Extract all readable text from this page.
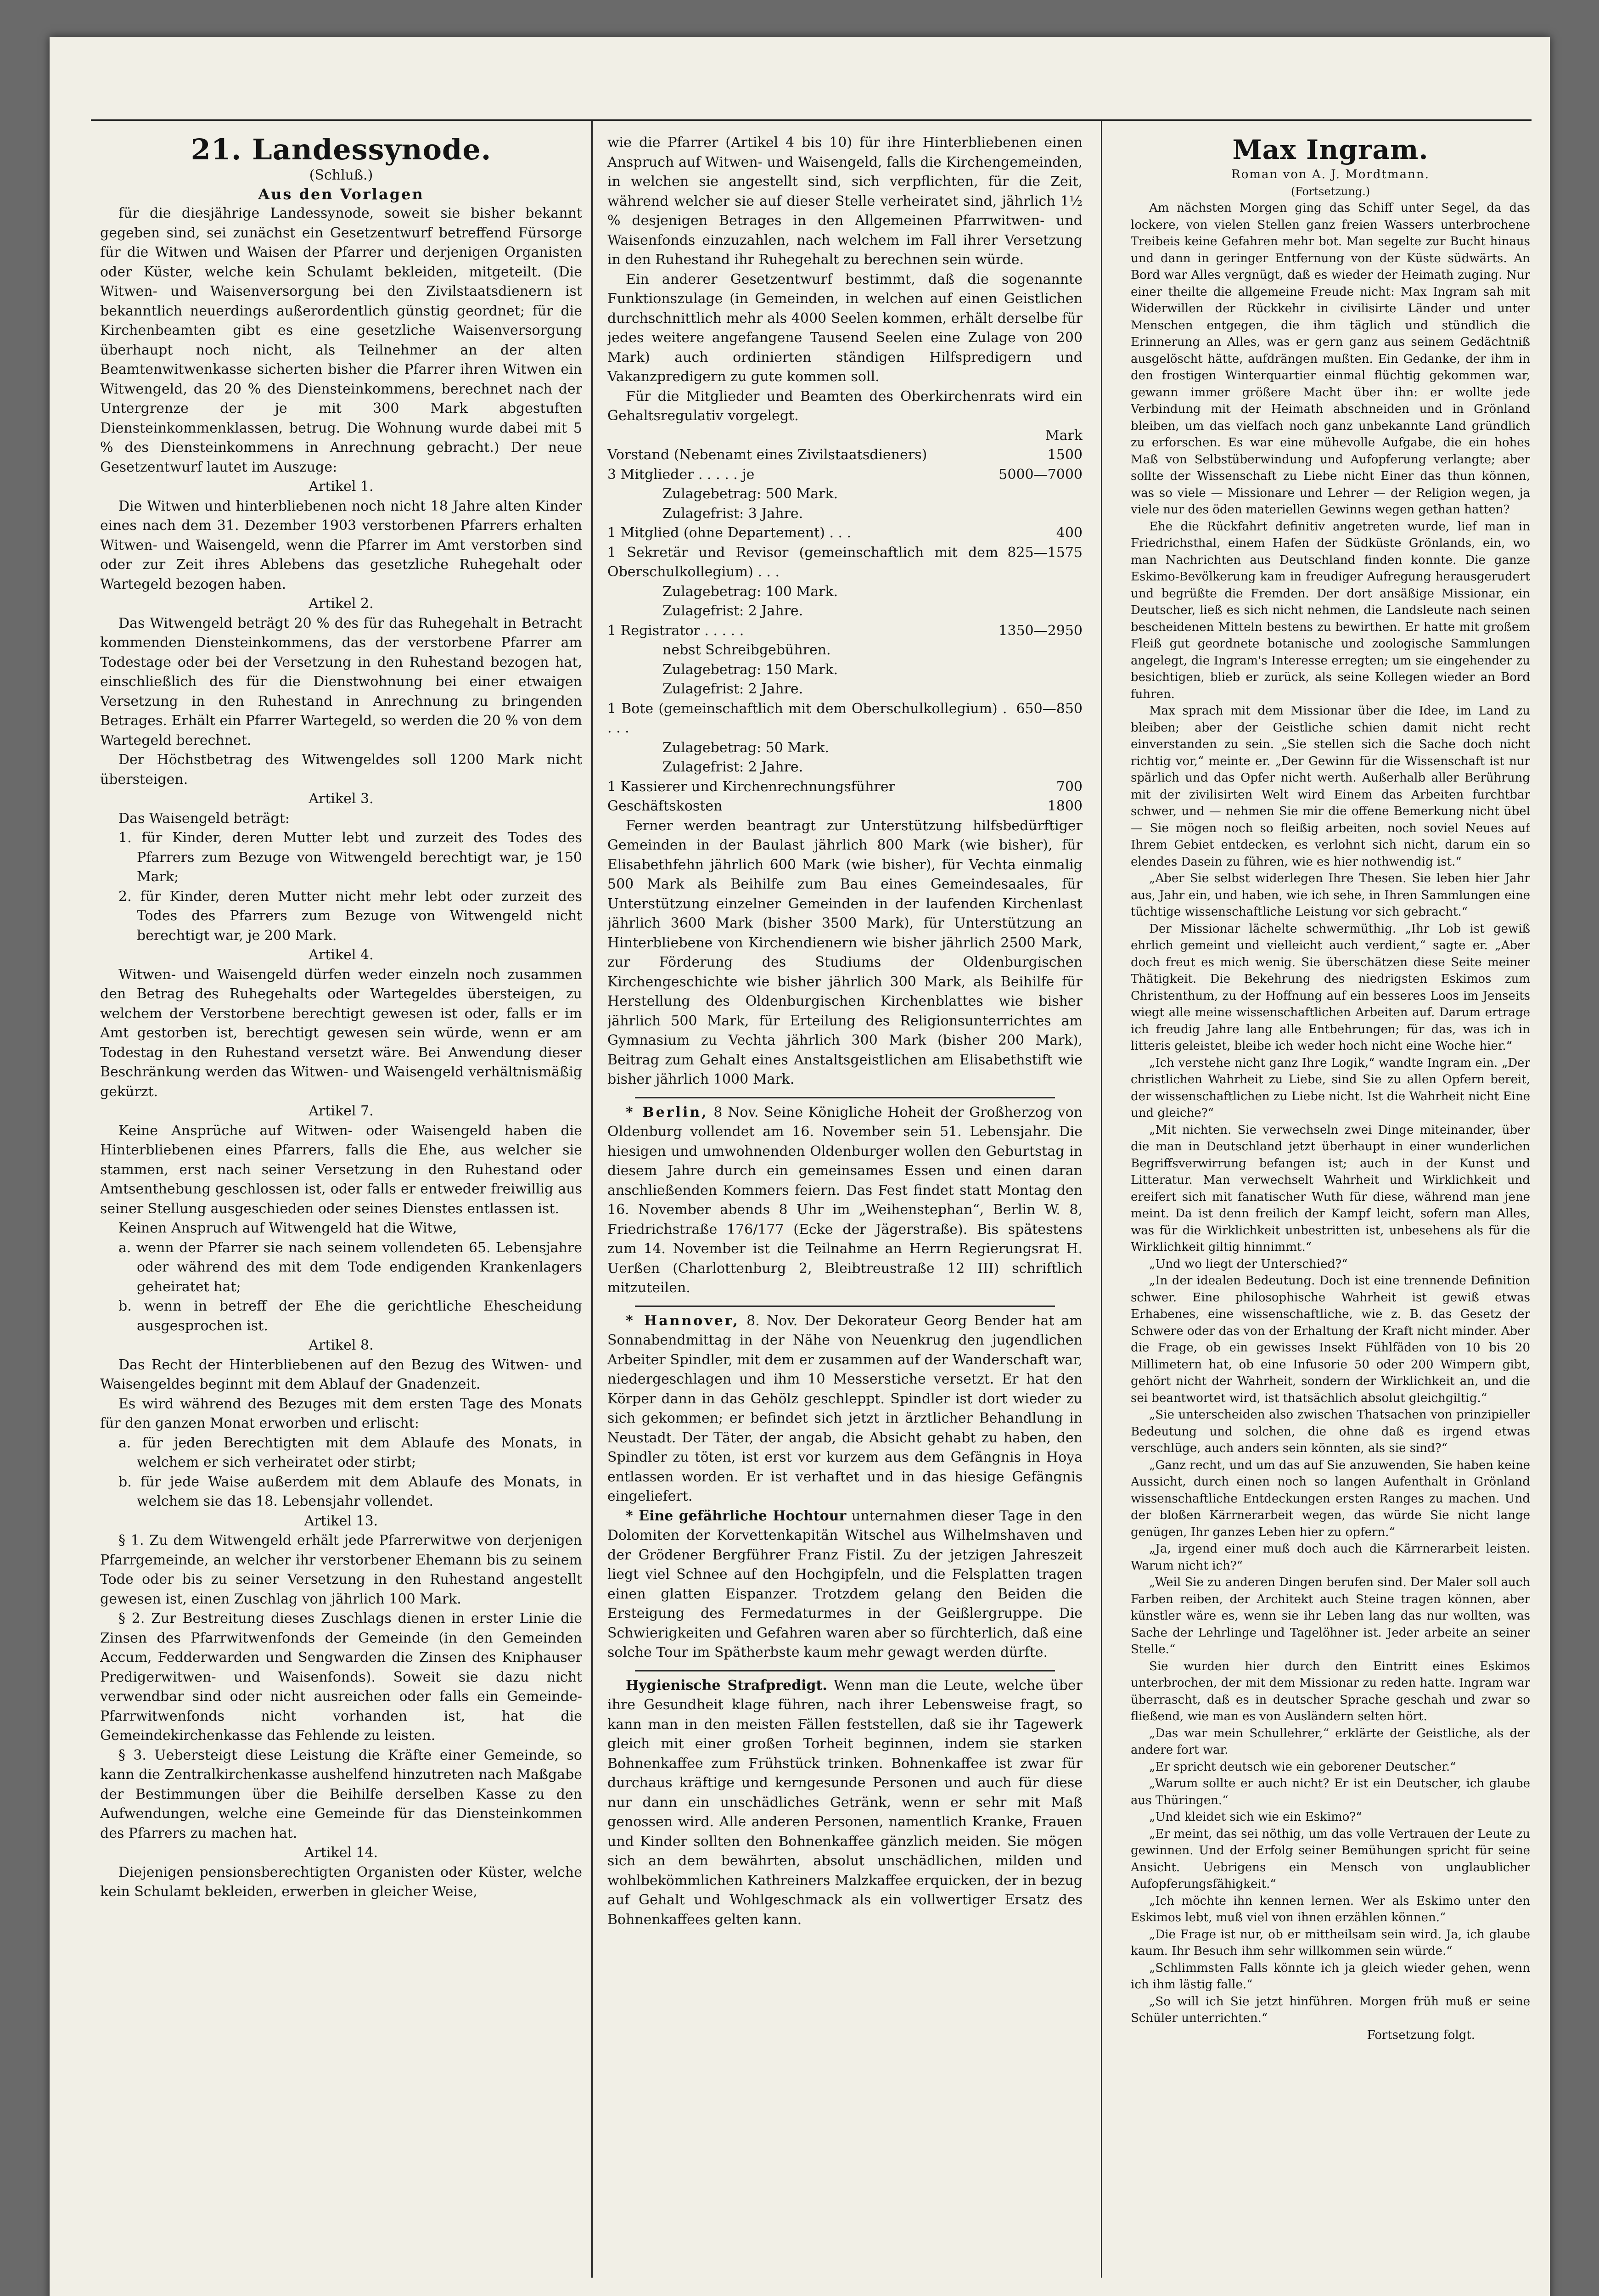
21. Landessynode.

(Schluß.)

Aus den Vorlagen

für die diesjährige Landessynode, soweit sie bisher bekannt gegeben sind, sei zunächst ein Gesetzentwurf betreffend Fürsorge für die Witwen und Waisen der Pfarrer und derjenigen Organisten oder Küster, welche kein Schulamt bekleiden, mitgeteilt. (Die Witwen- und Waisenversorgung bei den Zivilstaatsdienern ist bekanntlich neuerdings außerordentlich günstig geordnet; für die Kirchenbeamten gibt es eine gesetzliche Waisenversorgung überhaupt noch nicht, als Teilnehmer an der alten Beamtenwitwenkasse sicherten bisher die Pfarrer ihren Witwen ein Witwengeld, das 20 % des Diensteinkommens, berechnet nach der Untergrenze der je mit 300 Mark abgestuften Diensteinkommenklassen, betrug. Die Wohnung wurde dabei mit 5 % des Diensteinkommens in Anrechnung gebracht.) Der neue Gesetzentwurf lautet im Auszuge:

Artikel 1.

Die Witwen und hinterbliebenen noch nicht 18 Jahre alten Kinder eines nach dem 31. Dezember 1903 verstorbenen Pfarrers erhalten Witwen- und Waisengeld, wenn die Pfarrer im Amt verstorben sind oder zur Zeit ihres Ablebens das gesetzliche Ruhegehalt oder Wartegeld bezogen haben.

Artikel 2.

Das Witwengeld beträgt 20 % des für das Ruhegehalt in Betracht kommenden Diensteinkommens, das der verstorbene Pfarrer am Todestage oder bei der Versetzung in den Ruhestand bezogen hat, einschließlich des für die Dienstwohnung bei einer etwaigen Versetzung in den Ruhestand in Anrechnung zu bringenden Betrages. Erhält ein Pfarrer Wartegeld, so werden die 20 % von dem Wartegeld berechnet.

Der Höchstbetrag des Witwengeldes soll 1200 Mark nicht übersteigen.

Artikel 3.

Das Waisengeld beträgt:

1. für Kinder, deren Mutter lebt und zurzeit des Todes des Pfarrers zum Bezuge von Witwengeld berechtigt war, je 150 Mark;

2. für Kinder, deren Mutter nicht mehr lebt oder zurzeit des Todes des Pfarrers zum Bezuge von Witwengeld nicht berechtigt war, je 200 Mark.

Artikel 4.

Witwen- und Waisengeld dürfen weder einzeln noch zusammen den Betrag des Ruhegehalts oder Wartegeldes übersteigen, zu welchem der Verstorbene berechtigt gewesen ist oder, falls er im Amt gestorben ist, berechtigt gewesen sein würde, wenn er am Todestag in den Ruhestand versetzt wäre. Bei Anwendung dieser Beschränkung werden das Witwen- und Waisengeld verhältnismäßig gekürzt.

Artikel 7.

Keine Ansprüche auf Witwen- oder Waisengeld haben die Hinterbliebenen eines Pfarrers, falls die Ehe, aus welcher sie stammen, erst nach seiner Versetzung in den Ruhestand oder Amtsenthebung geschlossen ist, oder falls er entweder freiwillig aus seiner Stellung ausgeschieden oder seines Dienstes entlassen ist.

Keinen Anspruch auf Witwengeld hat die Witwe,

a. wenn der Pfarrer sie nach seinem vollendeten 65. Lebensjahre oder während des mit dem Tode endigenden Krankenlagers geheiratet hat;

b. wenn in betreff der Ehe die gerichtliche Ehescheidung ausgesprochen ist.

Artikel 8.

Das Recht der Hinterbliebenen auf den Bezug des Witwen- und Waisengeldes beginnt mit dem Ablauf der Gnadenzeit.

Es wird während des Bezuges mit dem ersten Tage des Monats für den ganzen Monat erworben und erlischt:

a. für jeden Berechtigten mit dem Ablaufe des Monats, in welchem er sich verheiratet oder stirbt;

b. für jede Waise außerdem mit dem Ablaufe des Monats, in welchem sie das 18. Lebensjahr vollendet.

Artikel 13.

§ 1. Zu dem Witwengeld erhält jede Pfarrerwitwe von derjenigen Pfarrgemeinde, an welcher ihr verstorbener Ehemann bis zu seinem Tode oder bis zu seiner Versetzung in den Ruhestand angestellt gewesen ist, einen Zuschlag von jährlich 100 Mark.

§ 2. Zur Bestreitung dieses Zuschlags dienen in erster Linie die Zinsen des Pfarrwitwenfonds der Gemeinde (in den Gemeinden Accum, Fedderwarden und Sengwarden die Zinsen des Kniphauser Predigerwitwen- und Waisenfonds). Soweit sie dazu nicht verwendbar sind oder nicht ausreichen oder falls ein Gemeinde-Pfarrwitwenfonds nicht vorhanden ist, hat die Gemeindekirchenkasse das Fehlende zu leisten.

§ 3. Uebersteigt diese Leistung die Kräfte einer Gemeinde, so kann die Zentralkirchenkasse aushelfend hinzutreten nach Maßgabe der Bestimmungen über die Beihilfe derselben Kasse zu den Aufwendungen, welche eine Gemeinde für das Diensteinkommen des Pfarrers zu machen hat.

Artikel 14.

Diejenigen pensionsberechtigten Organisten oder Küster, welche kein Schulamt bekleiden, erwerben in gleicher Weise,

wie die Pfarrer (Artikel 4 bis 10) für ihre Hinterbliebenen einen Anspruch auf Witwen- und Waisengeld, falls die Kirchengemeinden, in welchen sie angestellt sind, sich verpflichten, für die Zeit, während welcher sie auf dieser Stelle verheiratet sind, jährlich 1½ % desjenigen Betrages in den Allgemeinen Pfarrwitwen- und Waisenfonds einzuzahlen, nach welchem im Fall ihrer Versetzung in den Ruhestand ihr Ruhegehalt zu berechnen sein würde.

Ein anderer Gesetzentwurf bestimmt, daß die sogenannte Funktionszulage (in Gemeinden, in welchen auf einen Geistlichen durchschnittlich mehr als 4000 Seelen kommen, erhält derselbe für jedes weitere angefangene Tausend Seelen eine Zulage von 200 Mark) auch ordinierten ständigen Hilfspredigern und Vakanzpredigern zu gute kommen soll.

Für die Mitglieder und Beamten des Oberkirchenrats wird ein Gehaltsregulativ vorgelegt.

Mark

Vorstand (Nebenamt eines Zivilstaatsdieners)	1500
3 Mitglieder . . . . . je	5000—7000
Zulagebetrag: 500 Mark.
Zulagefrist: 3 Jahre.
1 Mitglied (ohne Departement) . . .	400
1 Sekretär und Revisor (gemeinschaftlich mit dem Oberschulkollegium) . . .
825—1575
Zulagebetrag: 100 Mark.
Zulagefrist: 2 Jahre.
1 Registrator . . . . .	1350—2950
nebst Schreibgebühren.
Zulagebetrag: 150 Mark.
Zulagefrist: 2 Jahre.
1 Bote (gemeinschaftlich mit dem Oberschulkollegium) . . . .
650—850
Zulagebetrag: 50 Mark.
Zulagefrist: 2 Jahre.
1 Kassierer und Kirchenrechnungsführer	700
Geschäftskosten	1800

Ferner werden beantragt zur Unterstützung hilfsbedürftiger Gemeinden in der Baulast jährlich 800 Mark (wie bisher), für Elisabethfehn jährlich 600 Mark (wie bisher), für Vechta einmalig 500 Mark als Beihilfe zum Bau eines Gemeindesaales, für Unterstützung einzelner Gemeinden in der laufenden Kirchenlast jährlich 3600 Mark (bisher 3500 Mark), für Unterstützung an Hinterbliebene von Kirchendienern wie bisher jährlich 2500 Mark, zur Förderung des Studiums der Oldenburgischen Kirchengeschichte wie bisher jährlich 300 Mark, als Beihilfe für Herstellung des Oldenburgischen Kirchenblattes wie bisher jährlich 500 Mark, für Erteilung des Religionsunterrichtes am Gymnasium zu Vechta jährlich 300 Mark (bisher 200 Mark), Beitrag zum Gehalt eines Anstaltsgeistlichen am Elisabethstift wie bisher jährlich 1000 Mark.

* Berlin, 8 Nov. Seine Königliche Hoheit der Großherzog von Oldenburg vollendet am 16. November sein 51. Lebensjahr. Die hiesigen und umwohnenden Oldenburger wollen den Geburtstag in diesem Jahre durch ein gemeinsames Essen und einen daran anschließenden Kommers feiern. Das Fest findet statt Montag den 16. November abends 8 Uhr im „Weihenstephan“, Berlin W. 8, Friedrichstraße 176/177 (Ecke der Jägerstraße). Bis spätestens zum 14. November ist die Teilnahme an Herrn Regierungsrat H. Uerßen (Charlottenburg 2, Bleibtreustraße 12 III) schriftlich mitzuteilen.

* Hannover, 8. Nov. Der Dekorateur Georg Bender hat am Sonnabendmittag in der Nähe von Neuenkrug den jugendlichen Arbeiter Spindler, mit dem er zusammen auf der Wanderschaft war, niedergeschlagen und ihm 10 Messerstiche versetzt. Er hat den Körper dann in das Gehölz geschleppt. Spindler ist dort wieder zu sich gekommen; er befindet sich jetzt in ärztlicher Behandlung in Neustadt. Der Täter, der angab, die Absicht gehabt zu haben, den Spindler zu töten, ist erst vor kurzem aus dem Gefängnis in Hoya entlassen worden. Er ist verhaftet und in das hiesige Gefängnis eingeliefert.

* Eine gefährliche Hochtour unternahmen dieser Tage in den Dolomiten der Korvettenkapitän Witschel aus Wilhelmshaven und der Grödener Bergführer Franz Fistil. Zu der jetzigen Jahreszeit liegt viel Schnee auf den Hochgipfeln, und die Felsplatten tragen einen glatten Eispanzer. Trotzdem gelang den Beiden die Ersteigung des Fermedaturmes in der Geißlergruppe. Die Schwierigkeiten und Gefahren waren aber so fürchterlich, daß eine solche Tour im Spätherbste kaum mehr gewagt werden dürfte.

Hygienische Strafpredigt. Wenn man die Leute, welche über ihre Gesundheit klage führen, nach ihrer Lebensweise fragt, so kann man in den meisten Fällen feststellen, daß sie ihr Tagewerk gleich mit einer großen Torheit beginnen, indem sie starken Bohnenkaffee zum Frühstück trinken. Bohnenkaffee ist zwar für durchaus kräftige und kerngesunde Personen und auch für diese nur dann ein unschädliches Getränk, wenn er sehr mit Maß genossen wird. Alle anderen Personen, namentlich Kranke, Frauen und Kinder sollten den Bohnenkaffee gänzlich meiden. Sie mögen sich an dem bewährten, absolut unschädlichen, milden und wohlbekömmlichen Kathreiners Malzkaffee erquicken, der in bezug auf Gehalt und Wohlgeschmack als ein vollwertiger Ersatz des Bohnenkaffees gelten kann.

Max Ingram.

Roman von A. J. Mordtmann.

(Fortsetzung.)

Am nächsten Morgen ging das Schiff unter Segel, da das lockere, von vielen Stellen ganz freien Wassers unterbrochene Treibeis keine Gefahren mehr bot. Man segelte zur Bucht hinaus und dann in geringer Entfernung von der Küste südwärts. An Bord war Alles vergnügt, daß es wieder der Heimath zuging. Nur einer theilte die allgemeine Freude nicht: Max Ingram sah mit Widerwillen der Rückkehr in civilisirte Länder und unter Menschen entgegen, die ihm täglich und stündlich die Erinnerung an Alles, was er gern ganz aus seinem Gedächtniß ausgelöscht hätte, aufdrängen mußten. Ein Gedanke, der ihm in den frostigen Winterquartier einmal flüchtig gekommen war, gewann immer größere Macht über ihn: er wollte jede Verbindung mit der Heimath abschneiden und in Grönland bleiben, um das vielfach noch ganz unbekannte Land gründlich zu erforschen. Es war eine mühevolle Aufgabe, die ein hohes Maß von Selbstüberwindung und Aufopferung verlangte; aber sollte der Wissenschaft zu Liebe nicht Einer das thun können, was so viele — Missionare und Lehrer — der Religion wegen, ja viele nur des öden materiellen Gewinns wegen gethan hatten?

Ehe die Rückfahrt definitiv angetreten wurde, lief man in Friedrichsthal, einem Hafen der Südküste Grönlands, ein, wo man Nachrichten aus Deutschland finden konnte. Die ganze Eskimo-Bevölkerung kam in freudiger Aufregung herausgerudert und begrüßte die Fremden. Der dort ansäßige Missionar, ein Deutscher, ließ es sich nicht nehmen, die Landsleute nach seinen bescheidenen Mitteln bestens zu bewirthen. Er hatte mit großem Fleiß gut geordnete botanische und zoologische Sammlungen angelegt, die Ingram's Interesse erregten; um sie eingehender zu besichtigen, blieb er zurück, als seine Kollegen wieder an Bord fuhren.

Max sprach mit dem Missionar über die Idee, im Land zu bleiben; aber der Geistliche schien damit nicht recht einverstanden zu sein. „Sie stellen sich die Sache doch nicht richtig vor,“ meinte er. „Der Gewinn für die Wissenschaft ist nur spärlich und das Opfer nicht werth. Außerhalb aller Berührung mit der zivilisirten Welt wird Einem das Arbeiten furchtbar schwer, und — nehmen Sie mir die offene Bemerkung nicht übel — Sie mögen noch so fleißig arbeiten, noch soviel Neues auf Ihrem Gebiet entdecken, es verlohnt sich nicht, darum ein so elendes Dasein zu führen, wie es hier nothwendig ist.“

„Aber Sie selbst widerlegen Ihre Thesen. Sie leben hier Jahr aus, Jahr ein, und haben, wie ich sehe, in Ihren Sammlungen eine tüchtige wissenschaftliche Leistung vor sich gebracht.“

Der Missionar lächelte schwermüthig. „Ihr Lob ist gewiß ehrlich gemeint und vielleicht auch verdient,“ sagte er. „Aber doch freut es mich wenig. Sie überschätzen diese Seite meiner Thätigkeit. Die Bekehrung des niedrigsten Eskimos zum Christenthum, zu der Hoffnung auf ein besseres Loos im Jenseits wiegt alle meine wissenschaftlichen Arbeiten auf. Darum ertrage ich freudig Jahre lang alle Entbehrungen; für das, was ich in litteris geleistet, bleibe ich weder hoch nicht eine Woche hier.“

„Ich verstehe nicht ganz Ihre Logik,“ wandte Ingram ein. „Der christlichen Wahrheit zu Liebe, sind Sie zu allen Opfern bereit, der wissenschaftlichen zu Liebe nicht. Ist die Wahrheit nicht Eine und gleiche?“

„Mit nichten. Sie verwechseln zwei Dinge miteinander, über die man in Deutschland jetzt überhaupt in einer wunderlichen Begriffsverwirrung befangen ist; auch in der Kunst und Litteratur. Man verwechselt Wahrheit und Wirklichkeit und ereifert sich mit fanatischer Wuth für diese, während man jene meint. Da ist denn freilich der Kampf leicht, sofern man Alles, was für die Wirklichkeit unbestritten ist, unbesehens als für die Wirklichkeit giltig hinnimmt.“

„Und wo liegt der Unterschied?“

„In der idealen Bedeutung. Doch ist eine trennende Definition schwer. Eine philosophische Wahrheit ist gewiß etwas Erhabenes, eine wissenschaftliche, wie z. B. das Gesetz der Schwere oder das von der Erhaltung der Kraft nicht minder. Aber die Frage, ob ein gewisses Insekt Fühlfäden von 10 bis 20 Millimetern hat, ob eine Infusorie 50 oder 200 Wimpern gibt, gehört nicht der Wahrheit, sondern der Wirklichkeit an, und die sei beantwortet wird, ist thatsächlich absolut gleichgiltig.“

„Sie unterscheiden also zwischen Thatsachen von prinzipieller Bedeutung und solchen, die ohne daß es irgend etwas verschlüge, auch anders sein könnten, als sie sind?“

„Ganz recht, und um das auf Sie anzuwenden, Sie haben keine Aussicht, durch einen noch so langen Aufenthalt in Grönland wissenschaftliche Entdeckungen ersten Ranges zu machen. Und der bloßen Kärrnerarbeit wegen, das würde Sie nicht lange genügen, Ihr ganzes Leben hier zu opfern.“

„Ja, irgend einer muß doch auch die Kärrnerarbeit leisten. Warum nicht ich?“

„Weil Sie zu anderen Dingen berufen sind. Der Maler soll auch Farben reiben, der Architekt auch Steine tragen können, aber künstler wäre es, wenn sie ihr Leben lang das nur wollten, was Sache der Lehrlinge und Tagelöhner ist. Jeder arbeite an seiner Stelle.“

Sie wurden hier durch den Eintritt eines Eskimos unterbrochen, der mit dem Missionar zu reden hatte. Ingram war überrascht, daß es in deutscher Sprache geschah und zwar so fließend, wie man es von Ausländern selten hört.

„Das war mein Schullehrer,“ erklärte der Geistliche, als der andere fort war.

„Er spricht deutsch wie ein geborener Deutscher.“

„Warum sollte er auch nicht? Er ist ein Deutscher, ich glaube aus Thüringen.“

„Und kleidet sich wie ein Eskimo?“

„Er meint, das sei nöthig, um das volle Vertrauen der Leute zu gewinnen. Und der Erfolg seiner Bemühungen spricht für seine Ansicht. Uebrigens ein Mensch von unglaublicher Aufopferungsfähigkeit.“

„Ich möchte ihn kennen lernen. Wer als Eskimo unter den Eskimos lebt, muß viel von ihnen erzählen können.“

„Die Frage ist nur, ob er mittheilsam sein wird. Ja, ich glaube kaum. Ihr Besuch ihm sehr willkommen sein würde.“

„Schlimmsten Falls könnte ich ja gleich wieder gehen, wenn ich ihm lästig falle.“

„So will ich Sie jetzt hinführen. Morgen früh muß er seine Schüler unterrichten.“

Fortsetzung folgt.
